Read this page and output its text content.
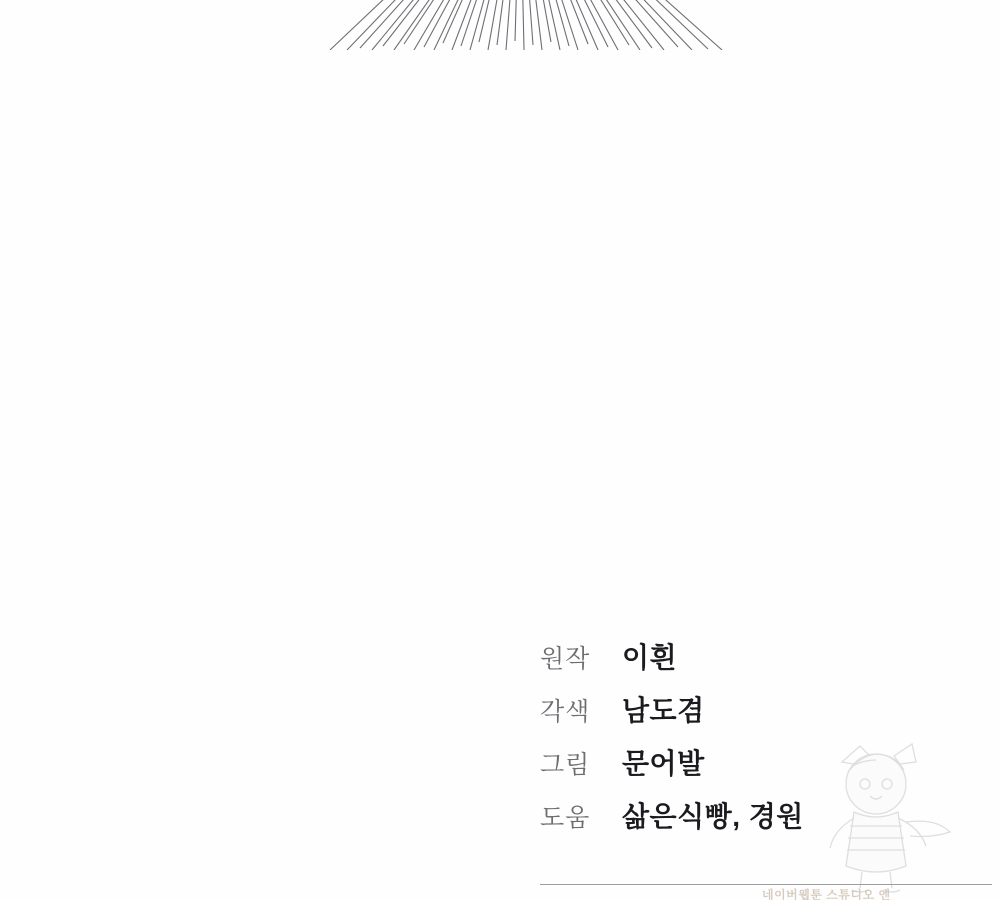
원작	이흰
각색	남도겸
그림	문어발
도움	삶은식빵, 경원
네이버웹툰 스튜디오 엔
